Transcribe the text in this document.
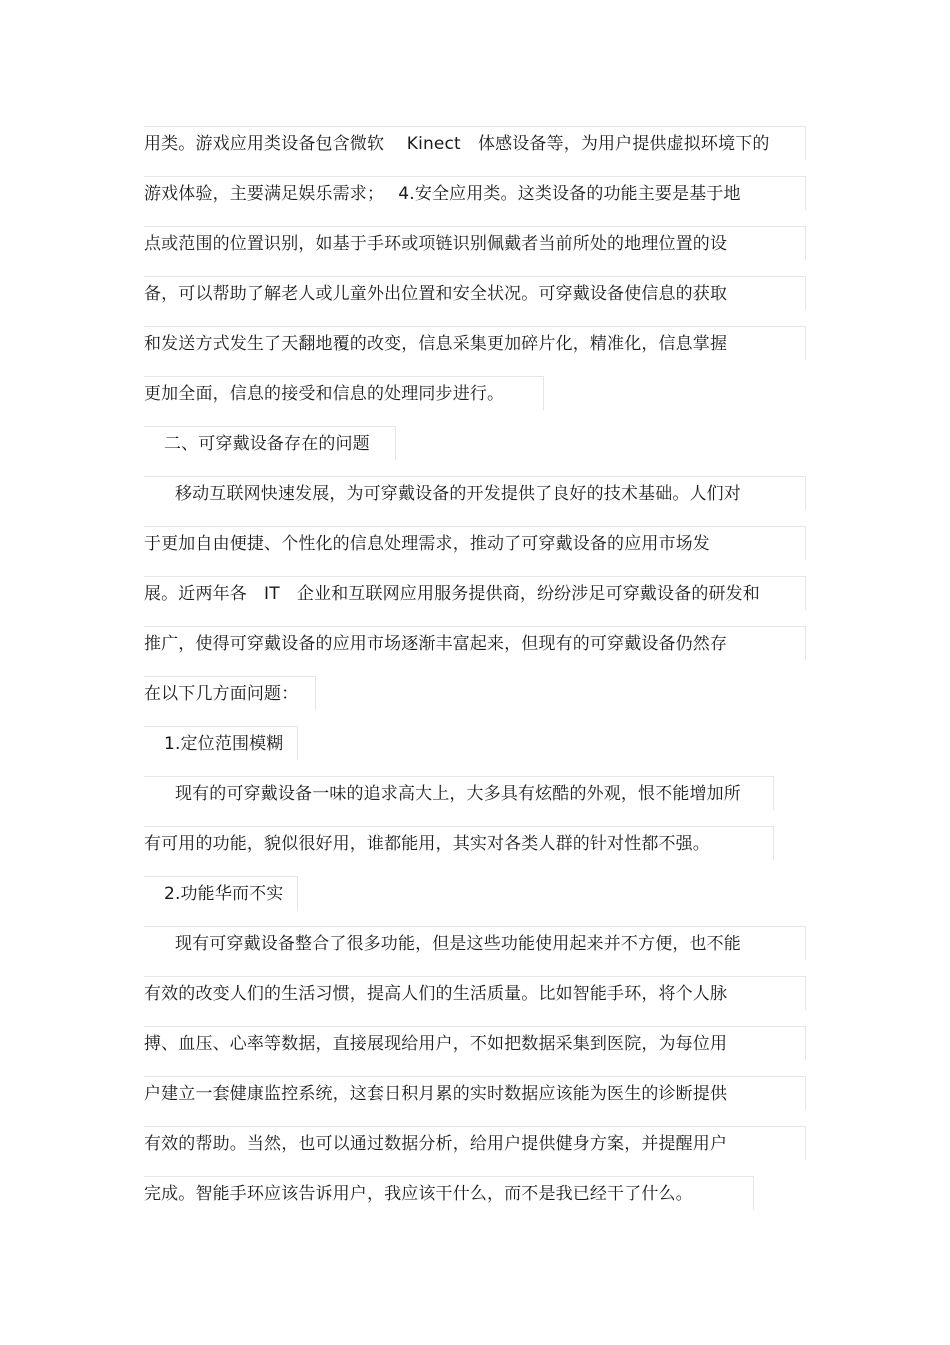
用类。游戏应用类设备包含微软　 Kinect　体感设备等，为用户提供虚拟环境下的
游戏体验，主要满足娱乐需求；　 4.安全应用类。这类设备的功能主要是基于地
点或范围的位置识别，如基于手环或项链识别佩戴者当前所处的地理位置的设
备，可以帮助了解老人或儿童外出位置和安全状况。可穿戴设备使信息的获取
和发送方式发生了天翻地覆的改变，信息采集更加碎片化，精准化，信息掌握
更加全面，信息的接受和信息的处理同步进行。
二、可穿戴设备存在的问题
移动互联网快速发展，为可穿戴设备的开发提供了良好的技术基础。人们对
于更加自由便捷、个性化的信息处理需求，推动了可穿戴设备的应用市场发
展。近两年各　IT　企业和互联网应用服务提供商，纷纷涉足可穿戴设备的研发和
推广，使得可穿戴设备的应用市场逐渐丰富起来，但现有的可穿戴设备仍然存
在以下几方面问题：
1.定位范围模糊
现有的可穿戴设备一味的追求高大上，大多具有炫酷的外观，恨不能增加所
有可用的功能，貌似很好用，谁都能用，其实对各类人群的针对性都不强。
2.功能华而不实
现有可穿戴设备整合了很多功能，但是这些功能使用起来并不方便，也不能
有效的改变人们的生活习惯，提高人们的生活质量。比如智能手环，将个人脉
搏、血压、心率等数据，直接展现给用户，不如把数据采集到医院，为每位用
户建立一套健康监控系统，这套日积月累的实时数据应该能为医生的诊断提供
有效的帮助。当然，也可以通过数据分析，给用户提供健身方案，并提醒用户
完成。智能手环应该告诉用户，我应该干什么，而不是我已经干了什么。
